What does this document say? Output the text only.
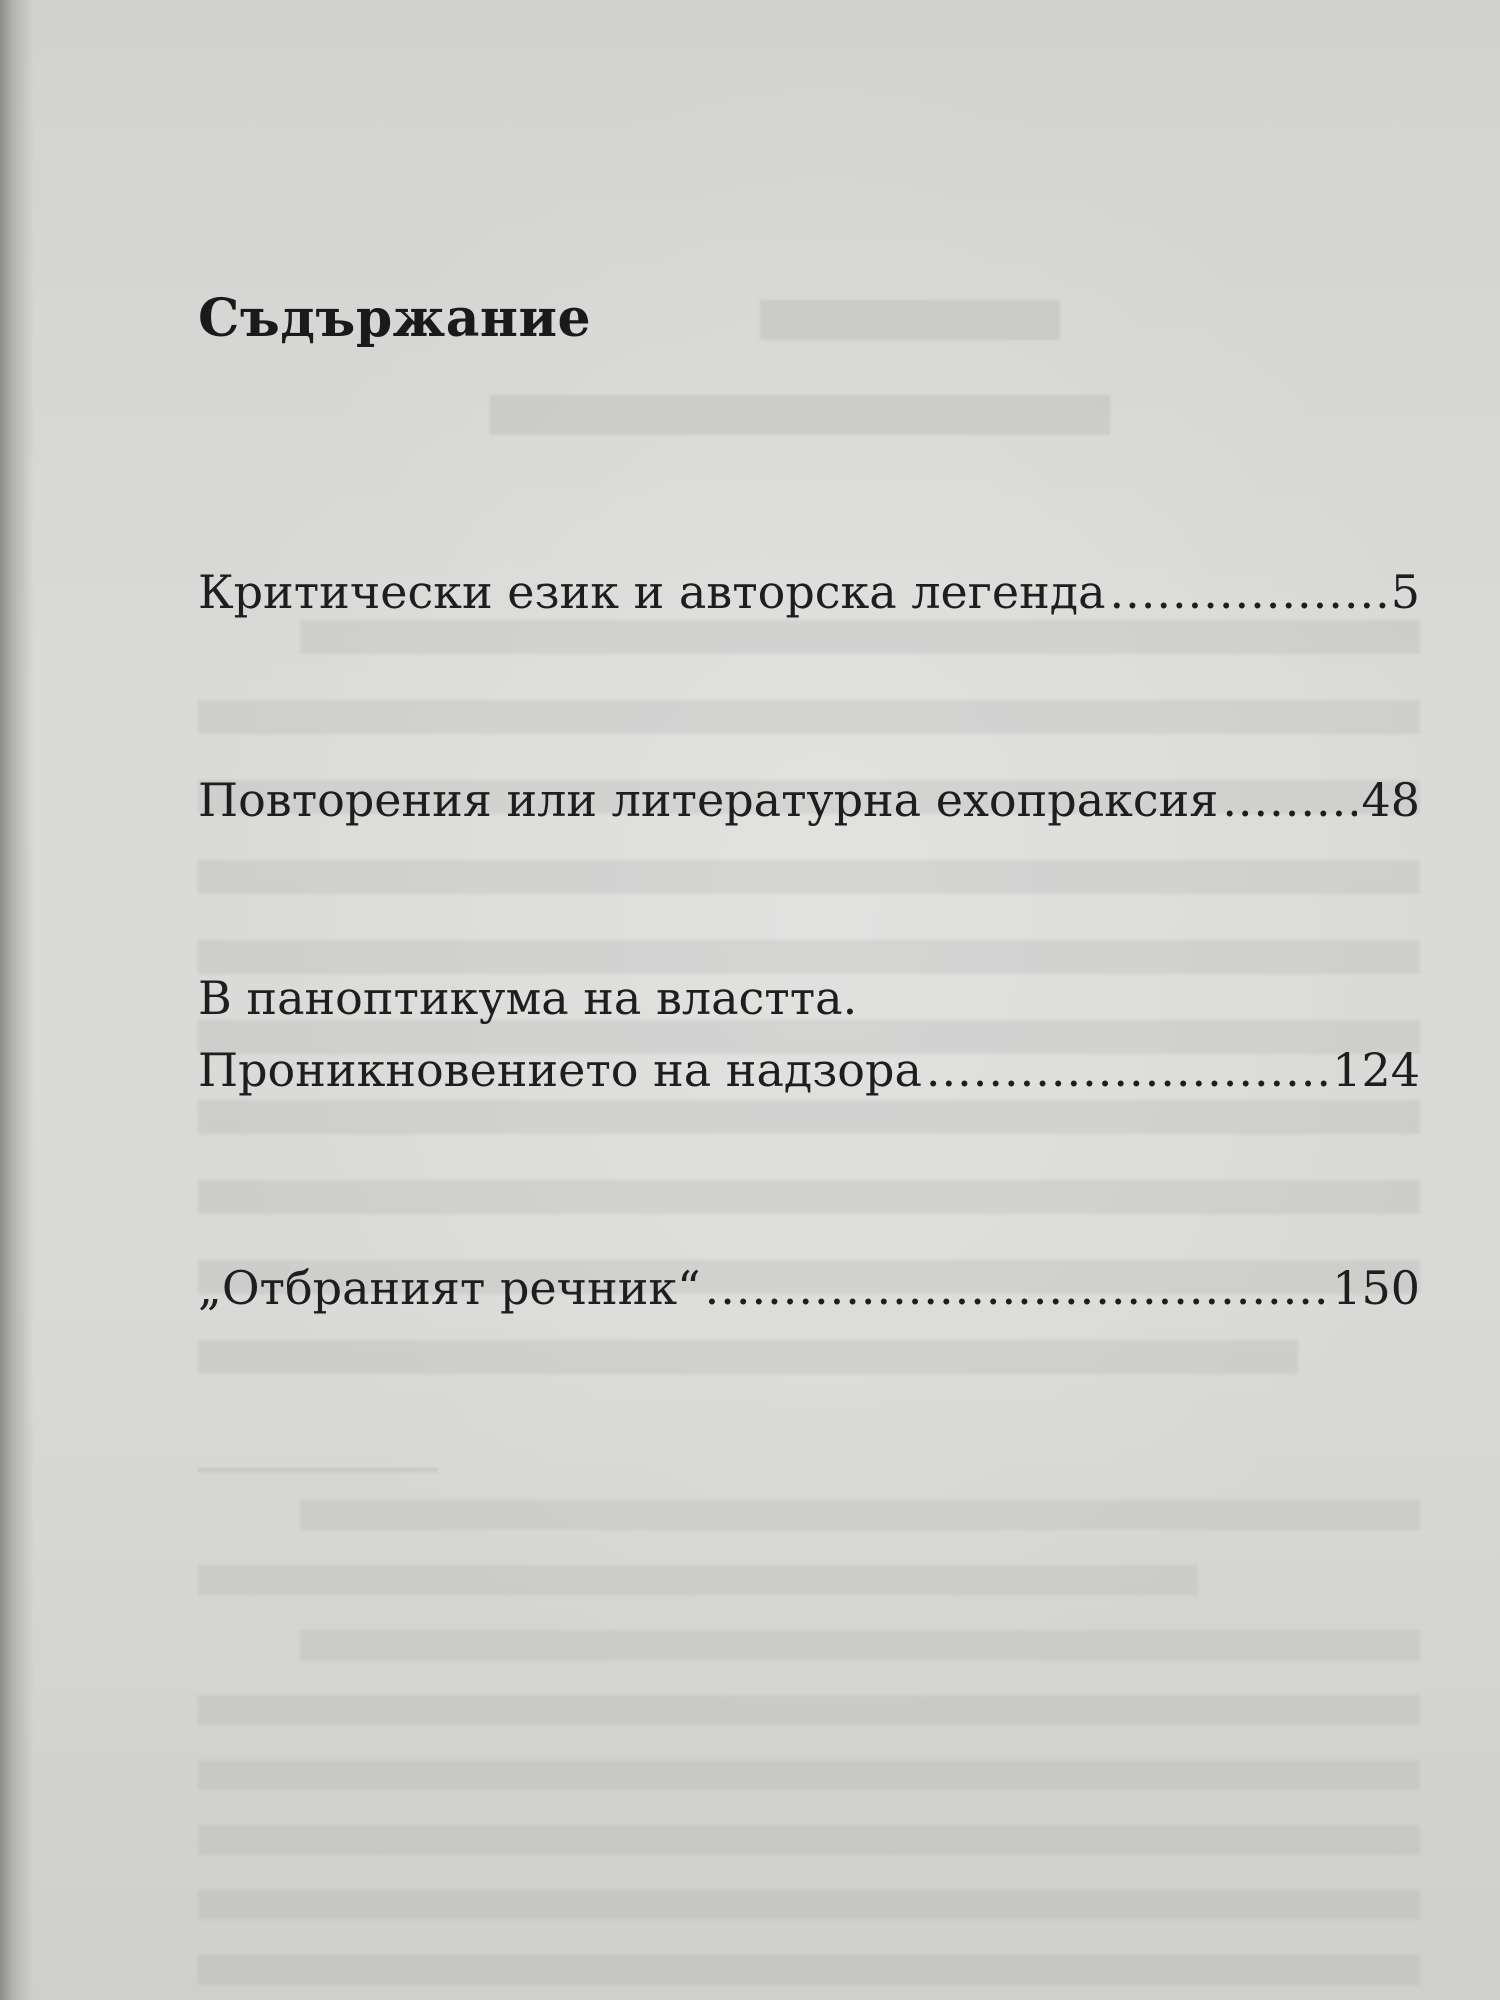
Съдържание
Критически език и авторска легенда .....	5
Повторения или литературна ехопраксия .....	48
В паноптикума на властта.
Проникновението на надзора .....	124
„Отбраният речник“ .....	150
